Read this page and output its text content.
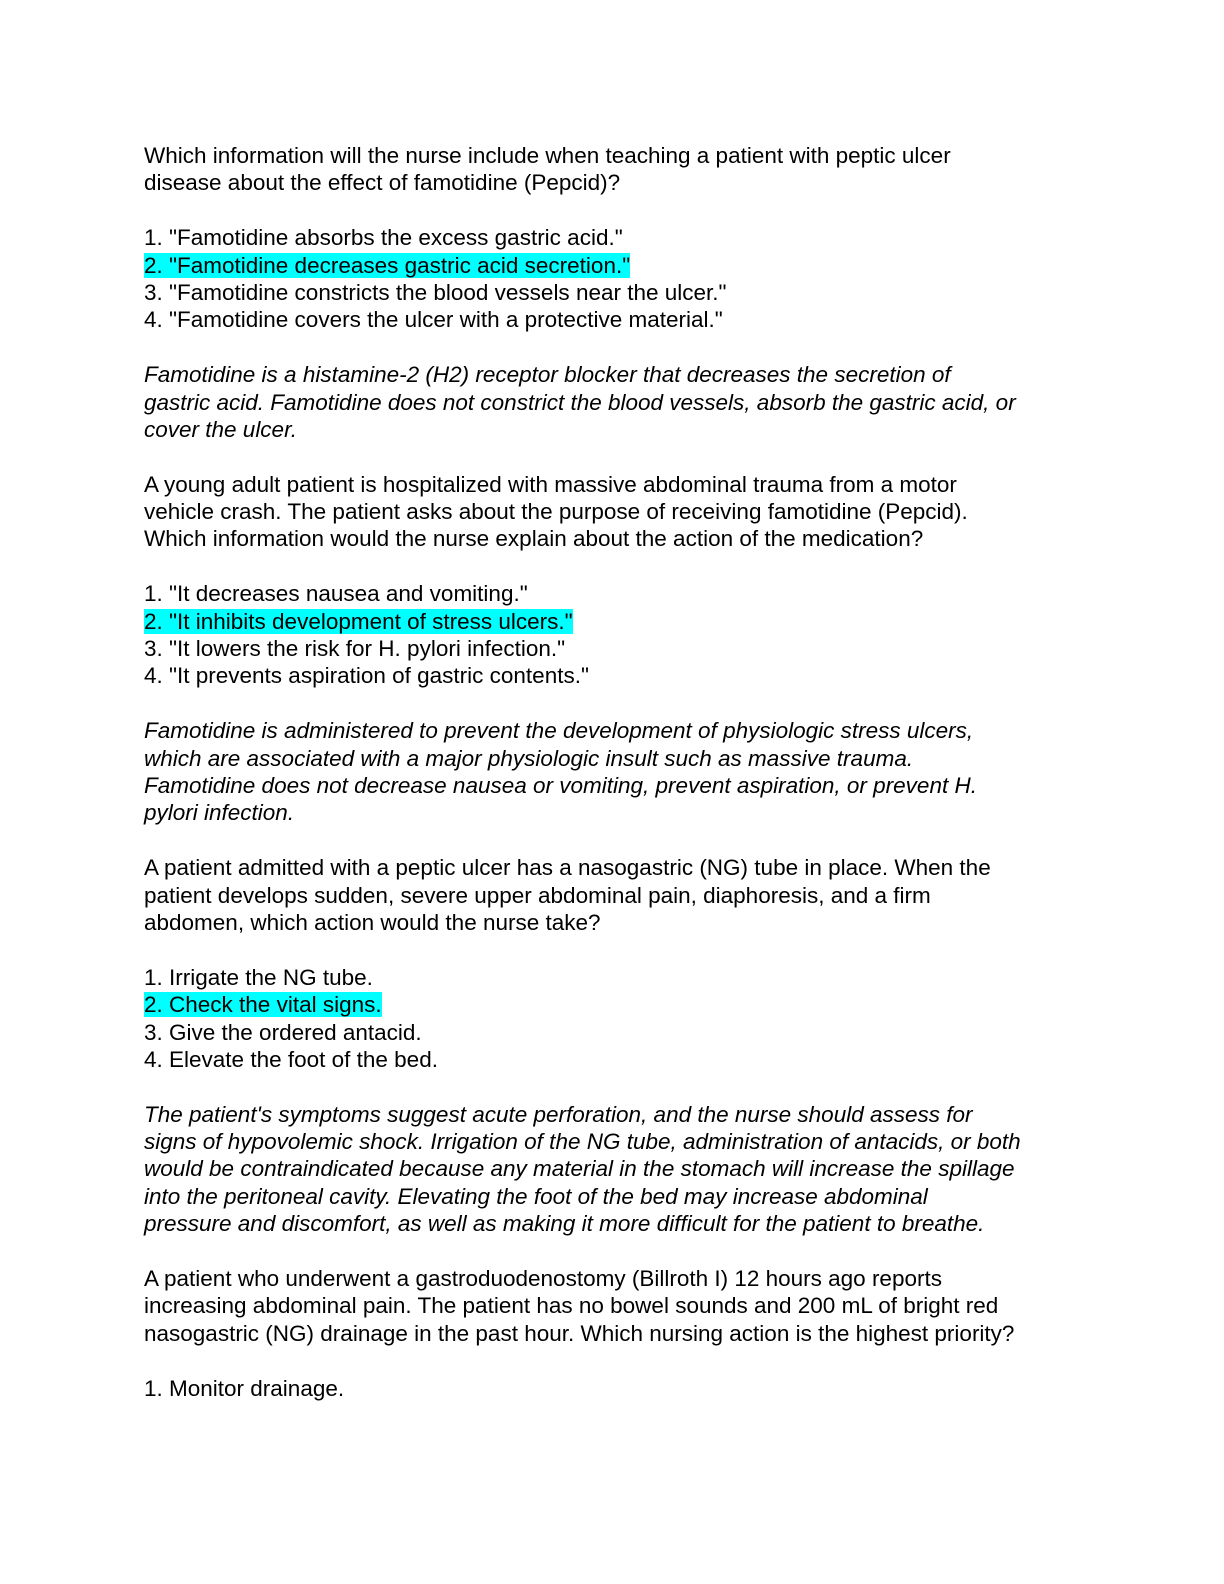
Which information will the nurse include when teaching a patient with peptic ulcer
disease about the effect of famotidine (Pepcid)?
1. "Famotidine absorbs the excess gastric acid."
2. "Famotidine decreases gastric acid secretion."
3. "Famotidine constricts the blood vessels near the ulcer."
4. "Famotidine covers the ulcer with a protective material."
Famotidine is a histamine-2 (H2) receptor blocker that decreases the secretion of
gastric acid. Famotidine does not constrict the blood vessels, absorb the gastric acid, or
cover the ulcer.
A young adult patient is hospitalized with massive abdominal trauma from a motor
vehicle crash. The patient asks about the purpose of receiving famotidine (Pepcid).
Which information would the nurse explain about the action of the medication?
1. "It decreases nausea and vomiting."
2. "It inhibits development of stress ulcers."
3. "It lowers the risk for H. pylori infection."
4. "It prevents aspiration of gastric contents."
Famotidine is administered to prevent the development of physiologic stress ulcers,
which are associated with a major physiologic insult such as massive trauma.
Famotidine does not decrease nausea or vomiting, prevent aspiration, or prevent H.
pylori infection.
A patient admitted with a peptic ulcer has a nasogastric (NG) tube in place. When the
patient develops sudden, severe upper abdominal pain, diaphoresis, and a firm
abdomen, which action would the nurse take?
1. Irrigate the NG tube.
2. Check the vital signs.
3. Give the ordered antacid.
4. Elevate the foot of the bed.
The patient's symptoms suggest acute perforation, and the nurse should assess for
signs of hypovolemic shock. Irrigation of the NG tube, administration of antacids, or both
would be contraindicated because any material in the stomach will increase the spillage
into the peritoneal cavity. Elevating the foot of the bed may increase abdominal
pressure and discomfort, as well as making it more difficult for the patient to breathe.
A patient who underwent a gastroduodenostomy (Billroth I) 12 hours ago reports
increasing abdominal pain. The patient has no bowel sounds and 200 mL of bright red
nasogastric (NG) drainage in the past hour. Which nursing action is the highest priority?
1. Monitor drainage.
